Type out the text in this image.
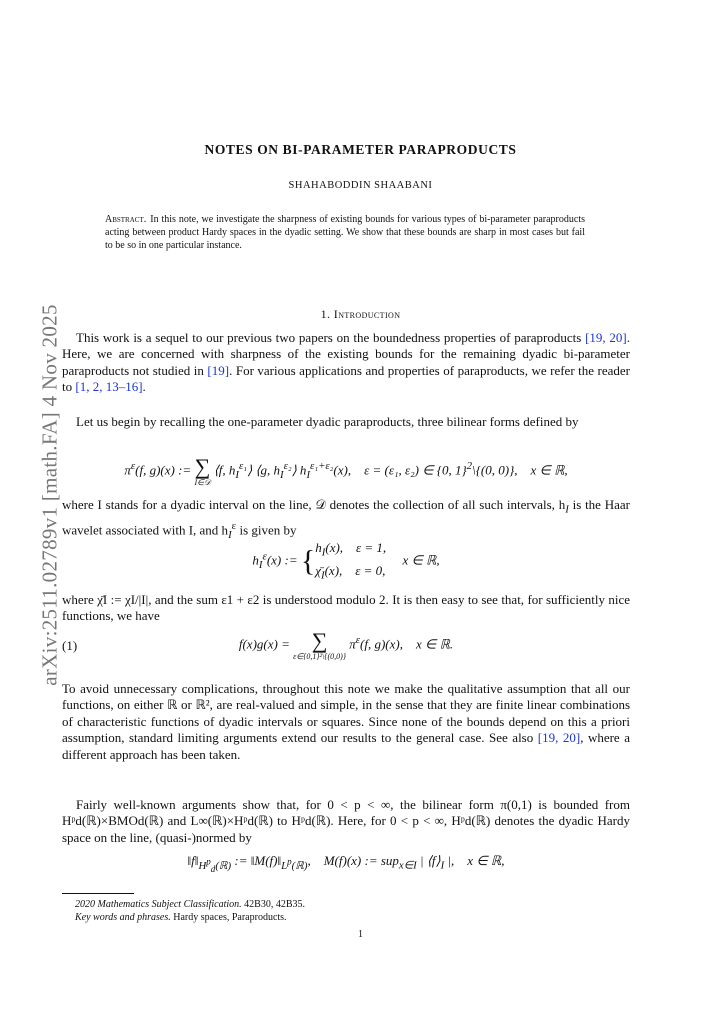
arXiv:2511.02789v1 [math.FA] 4 Nov 2025
NOTES ON BI-PARAMETER PARAPRODUCTS
SHAHABODDIN SHAABANI
Abstract. In this note, we investigate the sharpness of existing bounds for various types of bi-parameter paraproducts acting between product Hardy spaces in the dyadic setting. We show that these bounds are sharp in most cases but fail to be so in one particular instance.
1. Introduction
This work is a sequel to our previous two papers on the boundedness properties of paraproducts [19, 20]. Here, we are concerned with sharpness of the existing bounds for the remaining dyadic bi-parameter paraproducts not studied in [19]. For various applications and properties of paraproducts, we refer the reader to [1, 2, 13–16].
Let us begin by recalling the one-parameter dyadic paraproducts, three bilinear forms defined by
$\pi^\varepsilon(f$, g)(x) := ∑
I∈𝒟
⟨f, $h_I^{\varepsilon_1}⟩$ ⟨g, $h_I^{\varepsilon_2}⟩$ $h_I^{\varepsilon_1+\varepsilon_2}(x)$,    ε = (ε₁, ε₂) ∈ {0, 1}$^2$\{(0, 0)},    x ∈ ℝ,
where I stands for a dyadic interval on the line, 𝒟 denotes the collection of all such intervals, $h_I$ is the Haar wavelet associated with I, and $h_I^\varepsilon$ is given by
$h_I^\varepsilon(x)$ := {$h_I(x)$,    ε = 1,
$\chī_I(x)$,    ε = 0,     x ∈ ℝ,
where χ̄I := χI/|I|, and the sum ε1 + ε2 is understood modulo 2. It is then easy to see that, for sufficiently nice functions, we have
(1)	f(x)g(x) = ∑
ε∈{0,1}²\{(0,0)}
$\pi^\varepsilon(f$, g)(x),    x ∈ ℝ.
To avoid unnecessary complications, throughout this note we make the qualitative assumption that all our functions, on either ℝ or ℝ², are real-valued and simple, in the sense that they are finite linear combinations of characteristic functions of dyadic intervals or squares. Since none of the bounds depend on this a priori assumption, standard limiting arguments extend our results to the general case. See also [19, 20], where a different approach has been taken.
Fairly well-known arguments show that, for 0 < p < ∞, the bilinear form π(0,1) is bounded from Hᵖd(ℝ)×BMOd(ℝ) and L∞(ℝ)×Hᵖd(ℝ) to Hᵖd(ℝ). Here, for 0 < p < ∞, Hᵖd(ℝ) denotes the dyadic Hardy space on the line, (quasi-)normed by
$‖f‖_{H^p_d(ℝ)}$ := $‖M(f)‖_{L^p(ℝ)}$,    M(f)(x) := sup$_{x\in I}$ | $⟨f⟩_I$ |,    x ∈ ℝ,
2020 Mathematics Subject Classification. 42B30, 42B35.
Key words and phrases. Hardy spaces, Paraproducts.
1
